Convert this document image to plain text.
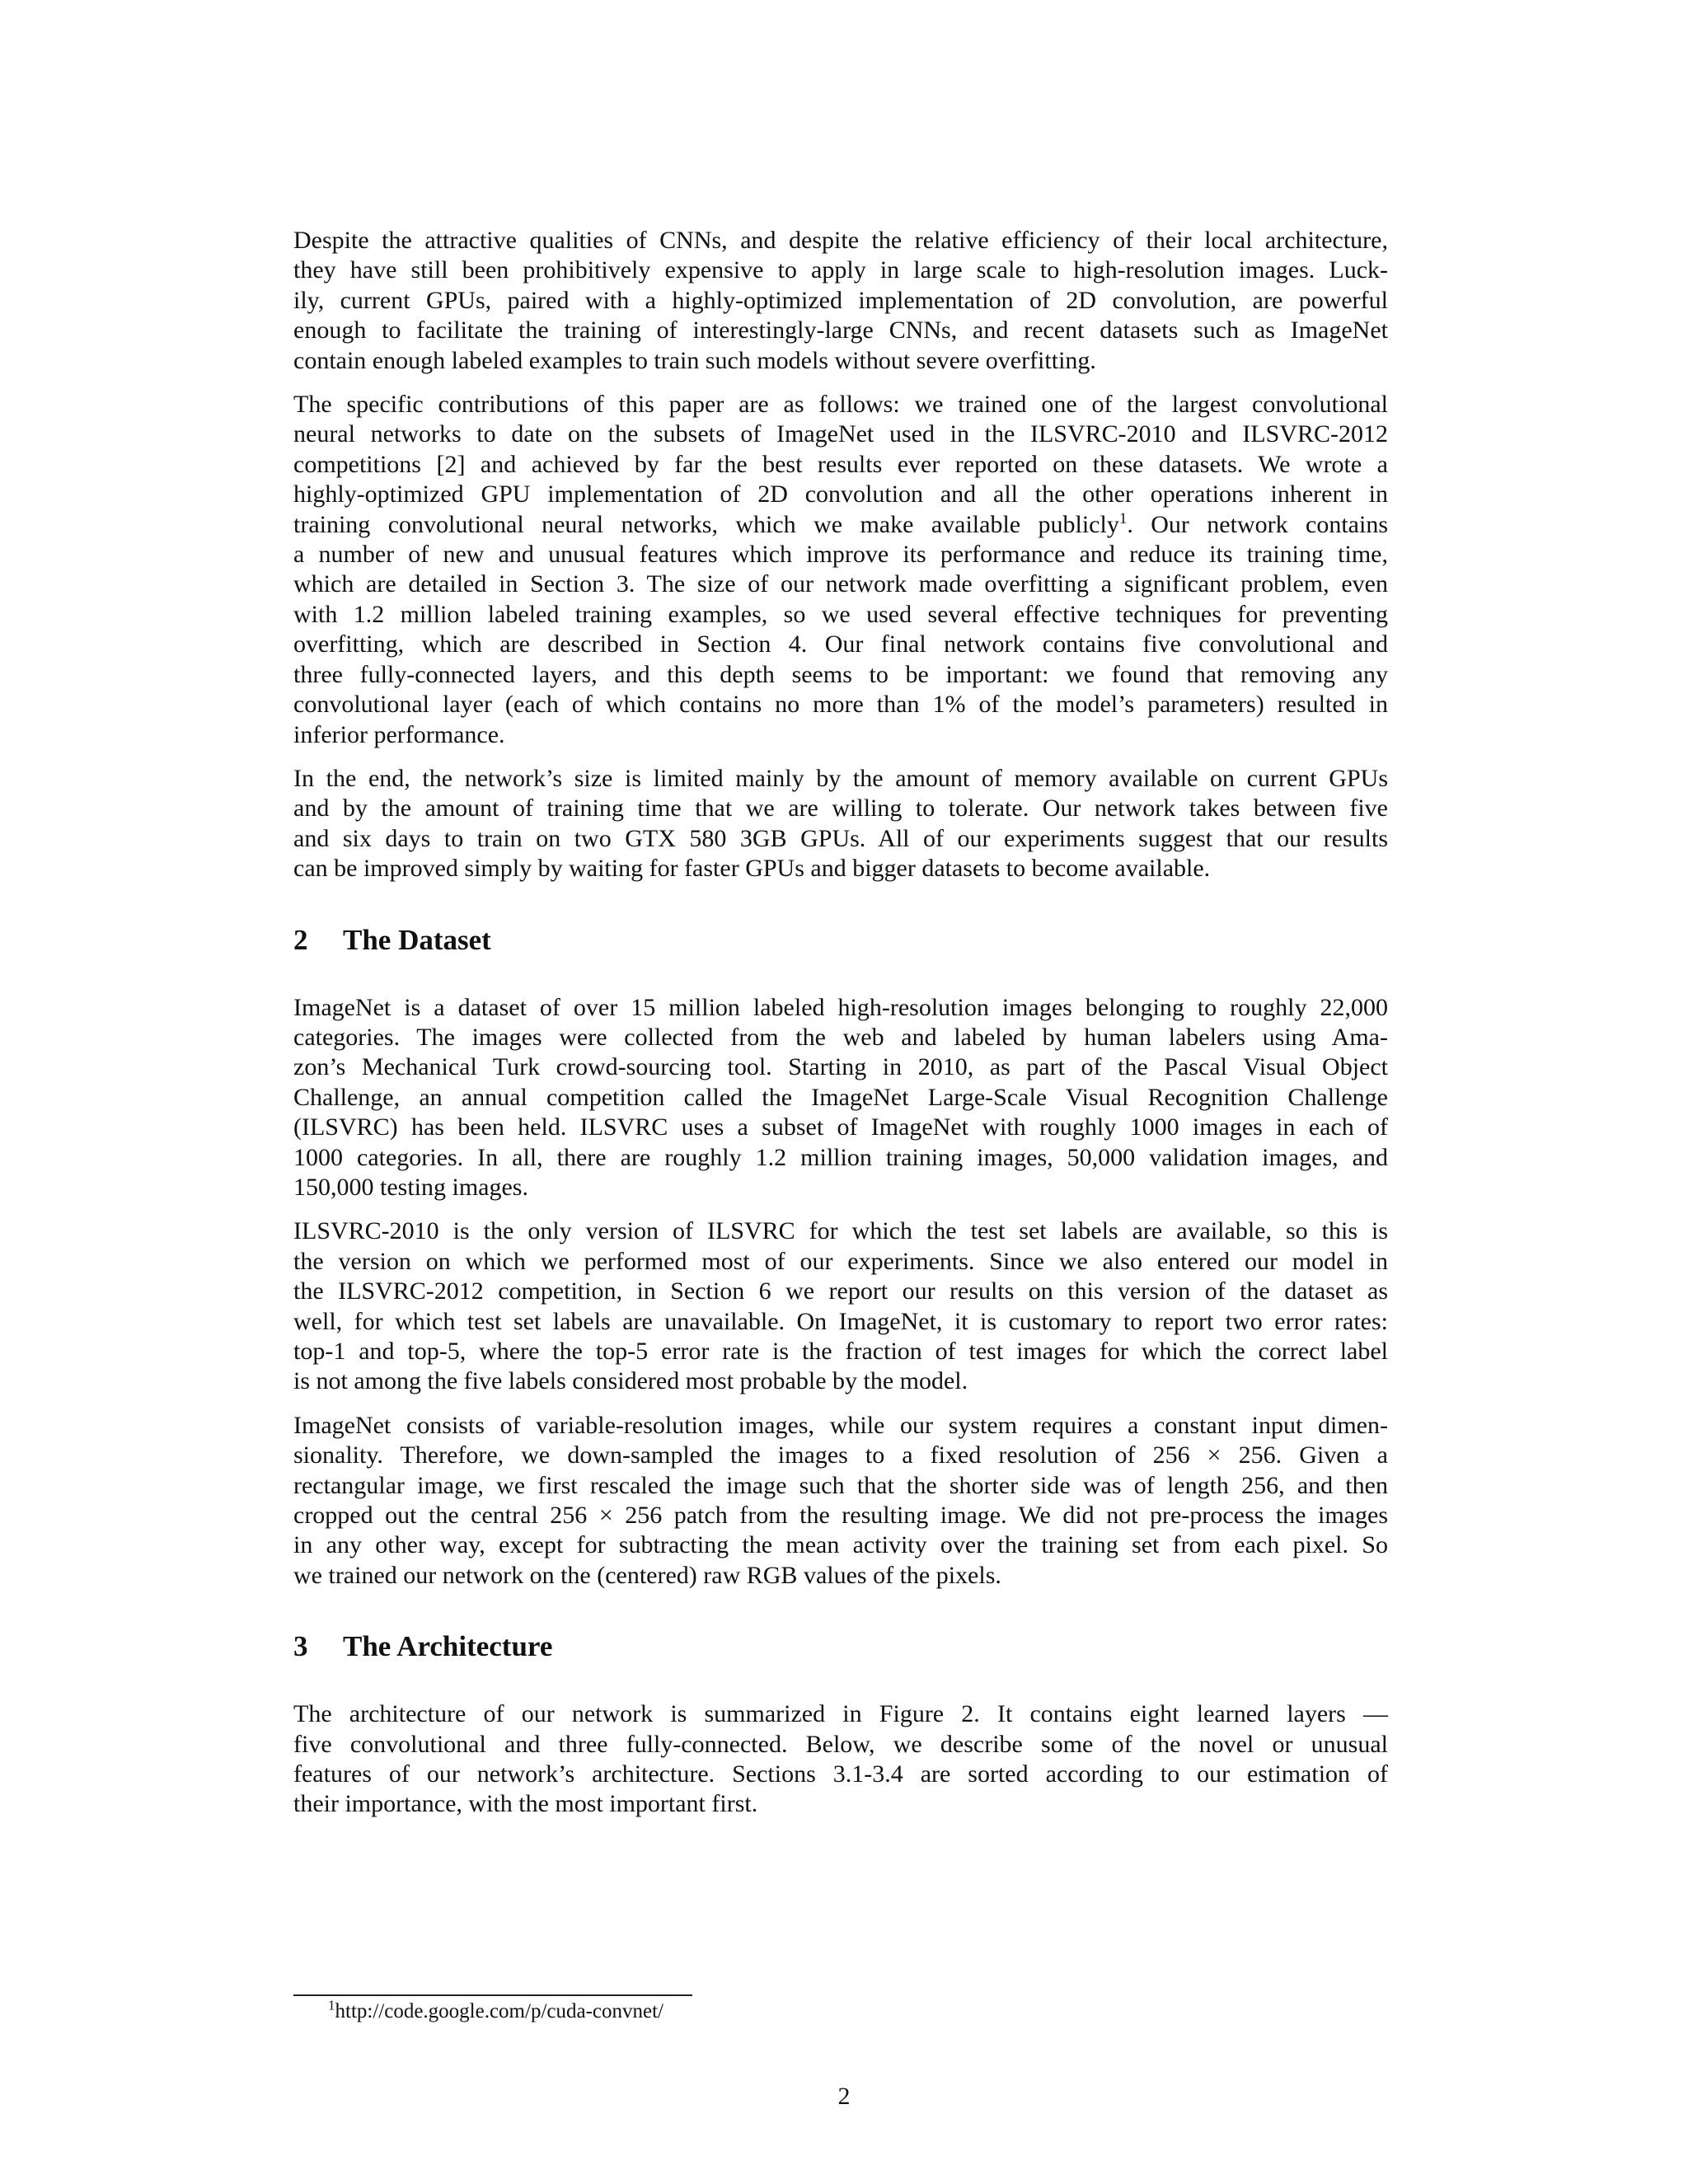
Despite the attractive qualities of CNNs, and despite the relative efficiency of their local architecture,
they have still been prohibitively expensive to apply in large scale to high-resolution images. Luck-
ily, current GPUs, paired with a highly-optimized implementation of 2D convolution, are powerful
enough to facilitate the training of interestingly-large CNNs, and recent datasets such as ImageNet
contain enough labeled examples to train such models without severe overfitting.

The specific contributions of this paper are as follows: we trained one of the largest convolutional
neural networks to date on the subsets of ImageNet used in the ILSVRC-2010 and ILSVRC-2012
competitions [2] and achieved by far the best results ever reported on these datasets. We wrote a
highly-optimized GPU implementation of 2D convolution and all the other operations inherent in
training convolutional neural networks, which we make available publicly$^1$. Our network contains
a number of new and unusual features which improve its performance and reduce its training time,
which are detailed in Section 3. The size of our network made overfitting a significant problem, even
with 1.2 million labeled training examples, so we used several effective techniques for preventing
overfitting, which are described in Section 4. Our final network contains five convolutional and
three fully-connected layers, and this depth seems to be important: we found that removing any
convolutional layer (each of which contains no more than 1% of the model’s parameters) resulted in
inferior performance.

In the end, the network’s size is limited mainly by the amount of memory available on current GPUs
and by the amount of training time that we are willing to tolerate. Our network takes between five
and six days to train on two GTX 580 3GB GPUs. All of our experiments suggest that our results
can be improved simply by waiting for faster GPUs and bigger datasets to become available.

2 The Dataset

ImageNet is a dataset of over 15 million labeled high-resolution images belonging to roughly 22,000
categories. The images were collected from the web and labeled by human labelers using Ama-
zon’s Mechanical Turk crowd-sourcing tool. Starting in 2010, as part of the Pascal Visual Object
Challenge, an annual competition called the ImageNet Large-Scale Visual Recognition Challenge
(ILSVRC) has been held. ILSVRC uses a subset of ImageNet with roughly 1000 images in each of
1000 categories. In all, there are roughly 1.2 million training images, 50,000 validation images, and
150,000 testing images.

ILSVRC-2010 is the only version of ILSVRC for which the test set labels are available, so this is
the version on which we performed most of our experiments. Since we also entered our model in
the ILSVRC-2012 competition, in Section 6 we report our results on this version of the dataset as
well, for which test set labels are unavailable. On ImageNet, it is customary to report two error rates:
top-1 and top-5, where the top-5 error rate is the fraction of test images for which the correct label
is not among the five labels considered most probable by the model.

ImageNet consists of variable-resolution images, while our system requires a constant input dimen-
sionality. Therefore, we down-sampled the images to a fixed resolution of 256 × 256. Given a
rectangular image, we first rescaled the image such that the shorter side was of length 256, and then
cropped out the central 256 × 256 patch from the resulting image. We did not pre-process the images
in any other way, except for subtracting the mean activity over the training set from each pixel. So
we trained our network on the (centered) raw RGB values of the pixels.

3 The Architecture

The architecture of our network is summarized in Figure 2. It contains eight learned layers —
five convolutional and three fully-connected. Below, we describe some of the novel or unusual
features of our network’s architecture. Sections 3.1-3.4 are sorted according to our estimation of
their importance, with the most important first.

$^1$http://code.google.com/p/cuda-convnet/
2
